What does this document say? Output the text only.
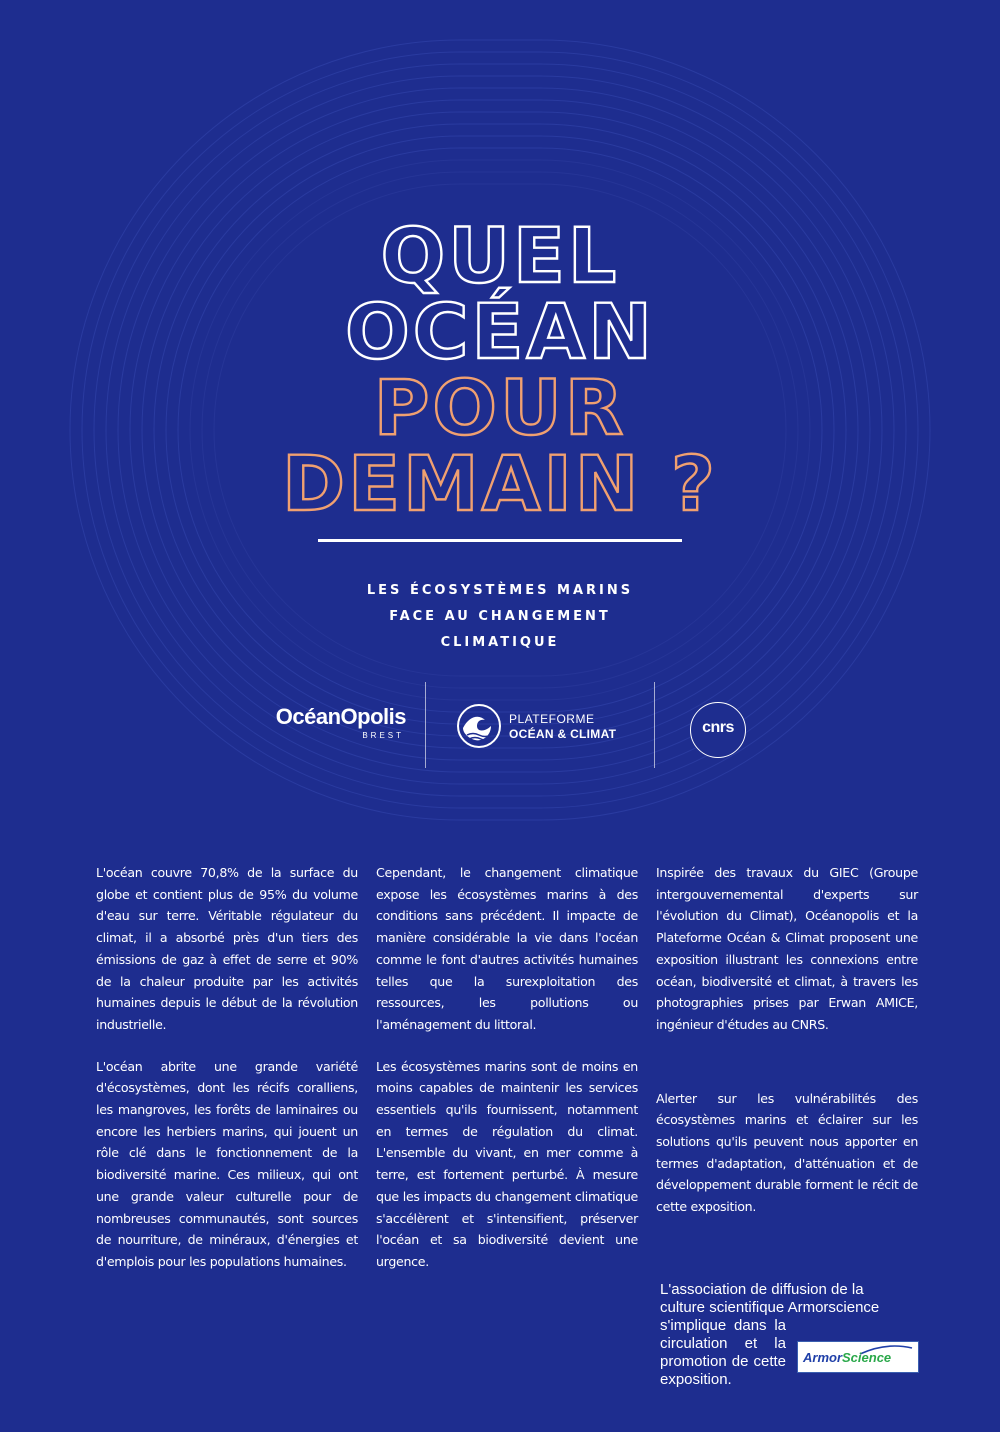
QUEL
OCÉAN
POUR
DEMAIN ?
LES ÉCOSYSTÈMES MARINS
FACE AU CHANGEMENT
CLIMATIQUE
OcéanOpolis
BREST
PLATEFORME
OCÉAN & CLIMAT	cnrs

L'océan couvre 70,8% de la surface du globe et contient plus de 95% du volume d'eau sur terre. Véritable régulateur du climat, il a absorbé près d'un tiers des émissions de gaz à effet de serre et 90% de la chaleur produite par les activités humaines depuis le début de la révolution industrielle.

L'océan abrite une grande variété d'écosystèmes, dont les récifs coralliens, les mangroves, les forêts de laminaires ou encore les herbiers marins, qui jouent un rôle clé dans le fonctionnement de la biodiversité marine. Ces milieux, qui ont une grande valeur culturelle pour de nombreuses communautés, sont sources de nourriture, de minéraux, d'énergies et d'emplois pour les populations humaines.

Cependant, le changement climatique expose les écosystèmes marins à des conditions sans précédent. Il impacte de manière considérable la vie dans l'océan comme le font d'autres activités humaines telles que la surexploitation des ressources, les pollutions ou l'aménagement du littoral.

Les écosystèmes marins sont de moins en moins capables de maintenir les services essentiels qu'ils fournissent, notamment en termes de régulation du climat. L'ensemble du vivant, en mer comme à terre, est fortement perturbé. À mesure que les impacts du changement climatique s'accélèrent et s'intensifient, préserver l'océan et sa biodiversité devient une urgence.

Inspirée des travaux du GIEC (Groupe intergouvernemental d'experts sur l'évolution du Climat), Océanopolis et la Plateforme Océan & Climat proposent une exposition illustrant les connexions entre océan, biodiversité et climat, à travers les photographies prises par Erwan AMICE, ingénieur d'études au CNRS.

Alerter sur les vulnérabilités des écosystèmes marins et éclairer sur les solutions qu'ils peuvent nous apporter en termes d'adaptation, d'atténuation et de développement durable forment le récit de cette exposition.

L'association de diffusion de la
culture scientifique Armorscience
s'implique dans la circulation et la promotion de cette exposition.
ArmorScience
